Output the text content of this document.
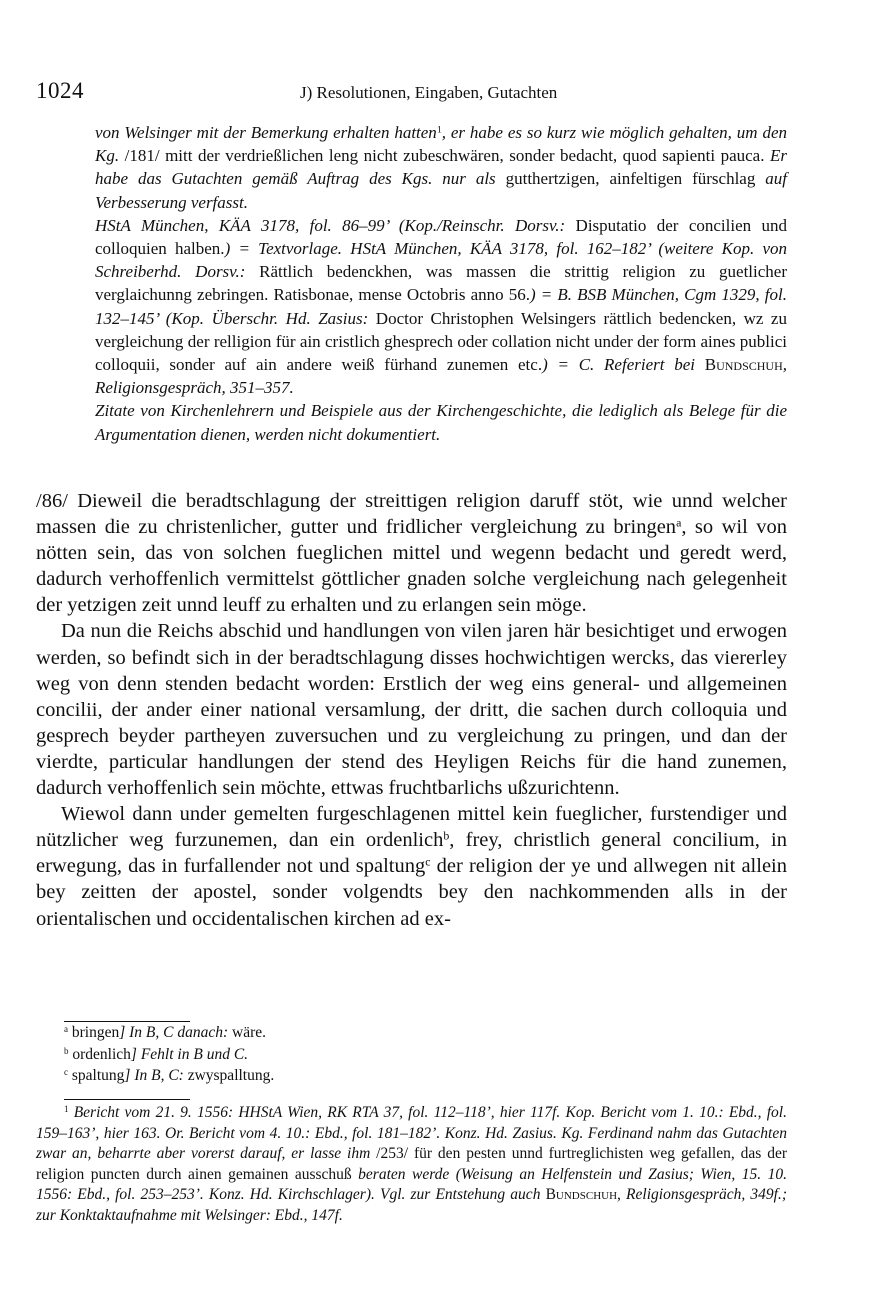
1024	J) Resolutionen, Eingaben, Gutachten

von Welsinger mit der Bemerkung erhalten hatten$^1$, er habe es so kurz wie möglich gehalten, um den Kg. /181/ mitt der verdrießlichen leng nicht zubeschwären, sonder bedacht, quod sapienti pauca. Er habe das Gutachten gemäß Auftrag des Kgs. nur als gutthertzigen, ainfeltigen fürschlag auf Verbesserung verfasst.

HStA München, KÄA 3178, fol. 86–99’ (Kop./Reinschr. Dorsv.: Disputatio der concilien und colloquien halben.) = Textvorlage. HStA München, KÄA 3178, fol. 162–182’ (weitere Kop. von Schreiberhd. Dorsv.: Rättlich bedenckhen, was massen die strittig religion zu guetlicher verglaichunng zebringen. Ratisbonae, mense Octobris anno 56.) = B. BSB München, Cgm 1329, fol. 132–145’ (Kop. Überschr. Hd. Zasius: Doctor Christophen Welsingers rättlich bedencken, wz zu vergleichung der relligion für ain cristlich ghesprech oder collation nicht under der form aines publici colloquii, sonder auf ain andere weiß fürhand zunemen etc.) = C. Referiert bei Bundschuh, Religionsgespräch, 351–357.

Zitate von Kirchenlehrern und Beispiele aus der Kirchengeschichte, die lediglich als Belege für die Argumentation dienen, werden nicht dokumentiert.

/86/ Dieweil die beradtschlagung der streittigen religion daruff stöt, wie unnd welcher massen die zu christenlicher, gutter und fridlicher vergleichung zu bringen$^a$, so wil von nötten sein, das von solchen fueglichen mittel und wegenn bedacht und geredt werd, dadurch verhoffenlich vermittelst göttlicher gnaden solche vergleichung nach gelegenheit der yetzigen zeit unnd leuff zu erhalten und zu erlangen sein möge.

Da nun die Reichs abschid und handlungen von vilen jaren här besichtiget und erwogen werden, so befindt sich in der beradtschlagung disses hochwichtigen wercks, das viererley weg von denn stenden bedacht worden: Erstlich der weg eins general- und allgemeinen concilii, der ander einer national versamlung, der dritt, die sachen durch colloquia und gesprech beyder partheyen zuversuchen und zu vergleichung zu pringen, und dan der vierdte, particular handlungen der stend des Heyligen Reichs für die hand zunemen, dadurch verhoffenlich sein möchte, ettwas fruchtbarlichs ußzurichtenn.

Wiewol dann under gemelten furgeschlagenen mittel kein fueglicher, furstendiger und nützlicher weg furzunemen, dan ein ordenlich$^b$, frey, christlich general concilium, in erwegung, das in furfallender not und spaltung$^c$ der religion der ye und allwegen nit allein bey zeitten der apostel, sonder volgendts bey den nachkommenden alls in der orientalischen und occidentalischen kirchen ad ex-

$^a$ bringen] In B, C danach: wäre.
$^b$ ordenlich] Fehlt in B und C.
$^c$ spaltung] In B, C: zwyspalltung.

$^1$ Bericht vom 21. 9. 1556: HHStA Wien, RK RTA 37, fol. 112–118’, hier 117f. Kop. Bericht vom 1. 10.: Ebd., fol. 159–163’, hier 163. Or. Bericht vom 4. 10.: Ebd., fol. 181–182’. Konz. Hd. Zasius. Kg. Ferdinand nahm das Gutachten zwar an, beharrte aber vorerst darauf, er lasse ihm /253/ für den pesten unnd furtreglichisten weg gefallen, das der religion puncten durch ainen gemainen ausschuß beraten werde (Weisung an Helfenstein und Zasius; Wien, 15. 10. 1556: Ebd., fol. 253–253’. Konz. Hd. Kirchschlager). Vgl. zur Entstehung auch Bundschuh, Religionsgespräch, 349f.; zur Konktaktaufnahme mit Welsinger: Ebd., 147f.
